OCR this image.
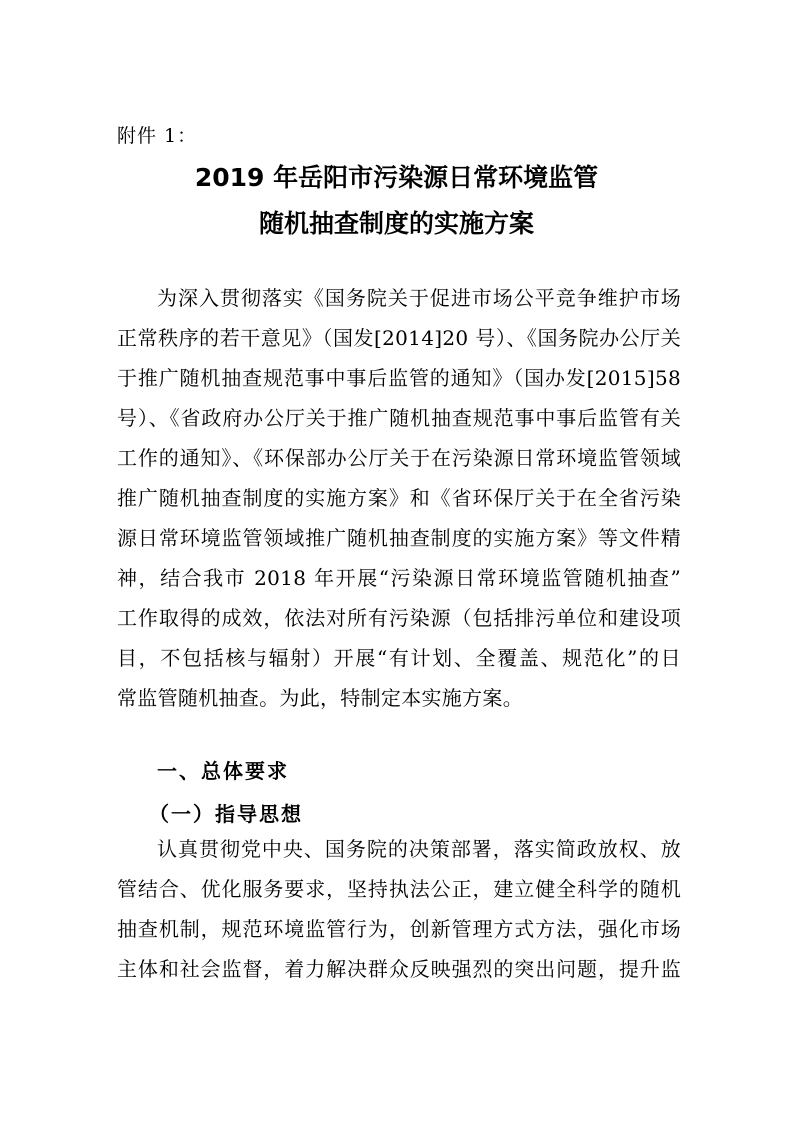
附件 1：
2019 年岳阳市污染源日常环境监管
随机抽查制度的实施方案
为深入贯彻落实《国务院关于促进市场公平竞争维护市场
正常秩序的若干意见》（国发[2014]20 号）、《国务院办公厅关
于推广随机抽查规范事中事后监管的通知》（国办发[2015]58
号）、《省政府办公厅关于推广随机抽查规范事中事后监管有关
工作的通知》、《环保部办公厅关于在污染源日常环境监管领域
推广随机抽查制度的实施方案》和《省环保厅关于在全省污染
源日常环境监管领域推广随机抽查制度的实施方案》等文件精
神，结合我市 2018 年开展“污染源日常环境监管随机抽查”
工作取得的成效，依法对所有污染源（包括排污单位和建设项
目，不包括核与辐射）开展“有计划、全覆盖、规范化”的日
常监管随机抽查。为此，特制定本实施方案。
一、总体要求
（一）指导思想
认真贯彻党中央、国务院的决策部署，落实简政放权、放
管结合、优化服务要求，坚持执法公正，建立健全科学的随机
抽查机制，规范环境监管行为，创新管理方式方法，强化市场
主体和社会监督，着力解决群众反映强烈的突出问题，提升监
